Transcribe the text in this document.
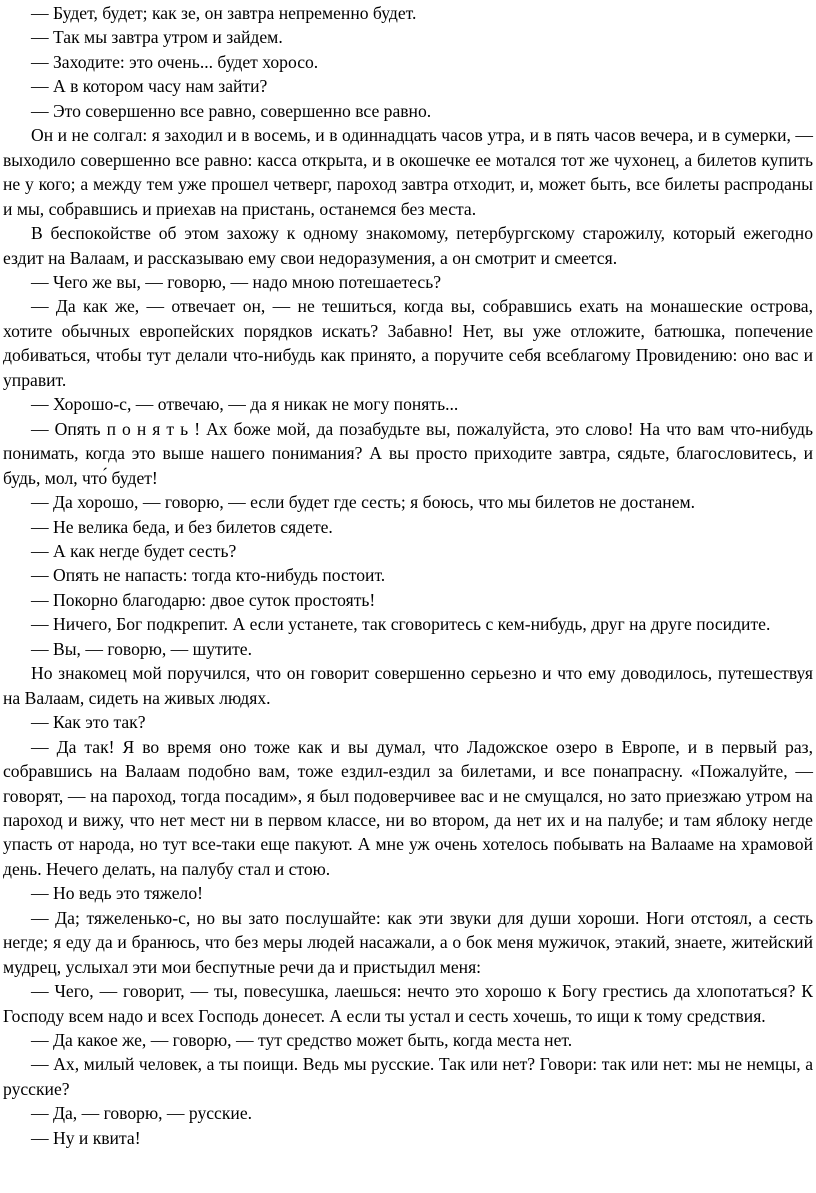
— Будет, будет; как зе, он завтра непременно будет.

— Так мы завтра утром и зайдем.

— Заходите: это очень... будет хоросо.

— А в котором часу нам зайти?

— Это совершенно все равно, совершенно все равно.

Он и не солгал: я заходил и в восемь, и в одиннадцать часов утра, и в пять часов вечера, и в сумерки, — выходило совершенно все равно: касса открыта, и в окошечке ее мотался тот же чухонец, а билетов купить не у кого; а между тем уже прошел четверг, пароход завтра отходит, и, может быть, все билеты распроданы и мы, собравшись и приехав на пристань, останемся без места.

В беспокойстве об этом захожу к одному знакомому, петербургскому старожилу, который ежегодно ездит на Валаам, и рассказываю ему свои недоразумения, а он смотрит и смеется.

— Чего же вы, — говорю, — надо мною потешаетесь?

— Да как же, — отвечает он, — не тешиться, когда вы, собравшись ехать на монашеские острова, хотите обычных европейских порядков искать? Забавно! Нет, вы уже отложите, батюшка, попечение добиваться, чтобы тут делали что-нибудь как принято, а поручите себя всеблагому Провидению: оно вас и управит.

— Хорошо-с, — отвечаю, — да я никак не могу понять...

— Опять п о н я т ь ! Ах боже мой, да позабудьте вы, пожалуйста, это слово! На что вам что-нибудь понимать, когда это выше нашего понимания? А вы просто приходите завтра, сядьте, благословитесь, и будь, мол, что́ будет!

— Да хорошо, — говорю, — если будет где сесть; я боюсь, что мы билетов не достанем.

— Не велика беда, и без билетов сядете.

— А как негде будет сесть?

— Опять не напасть: тогда кто-нибудь постоит.

— Покорно благодарю: двое суток простоять!

— Ничего, Бог подкрепит. А если устанете, так сговоритесь с кем-нибудь, друг на друге посидите.

— Вы, — говорю, — шутите.

Но знакомец мой поручился, что он говорит совершенно серьезно и что ему доводилось, путешествуя на Валаам, сидеть на живых людях.

— Как это так?

— Да так! Я во время оно тоже как и вы думал, что Ладожское озеро в Европе, и в первый раз, собравшись на Валаам подобно вам, тоже ездил-ездил за билетами, и все понапрасну. «Пожалуйте, — говорят, — на пароход, тогда посадим», я был подоверчивее вас и не смущался, но зато приезжаю утром на пароход и вижу, что нет мест ни в первом классе, ни во втором, да нет их и на палубе; и там яблоку негде упасть от народа, но тут все-таки еще пакуют. А мне уж очень хотелось побывать на Валааме на храмовой день. Нечего делать, на палубу стал и стою.

— Но ведь это тяжело!

— Да; тяжеленько-с, но вы зато послушайте: как эти звуки для души хороши. Ноги отстоял, а сесть негде; я еду да и бранюсь, что без меры людей насажали, а о бок меня мужичок, этакий, знаете, житейский мудрец, услыхал эти мои беспутные речи да и пристыдил меня:

— Чего, — говорит, — ты, повесушка, лаешься: нечто это хорошо к Богу грестись да хлопотаться? К Господу всем надо и всех Господь донесет. А если ты устал и сесть хочешь, то ищи к тому средствия.

— Да какое же, — говорю, — тут средство может быть, когда места нет.

— Ах, милый человек, а ты поищи. Ведь мы русские. Так или нет? Говори: так или нет: мы не немцы, а русские?

— Да, — говорю, — русские.

— Ну и квита!
